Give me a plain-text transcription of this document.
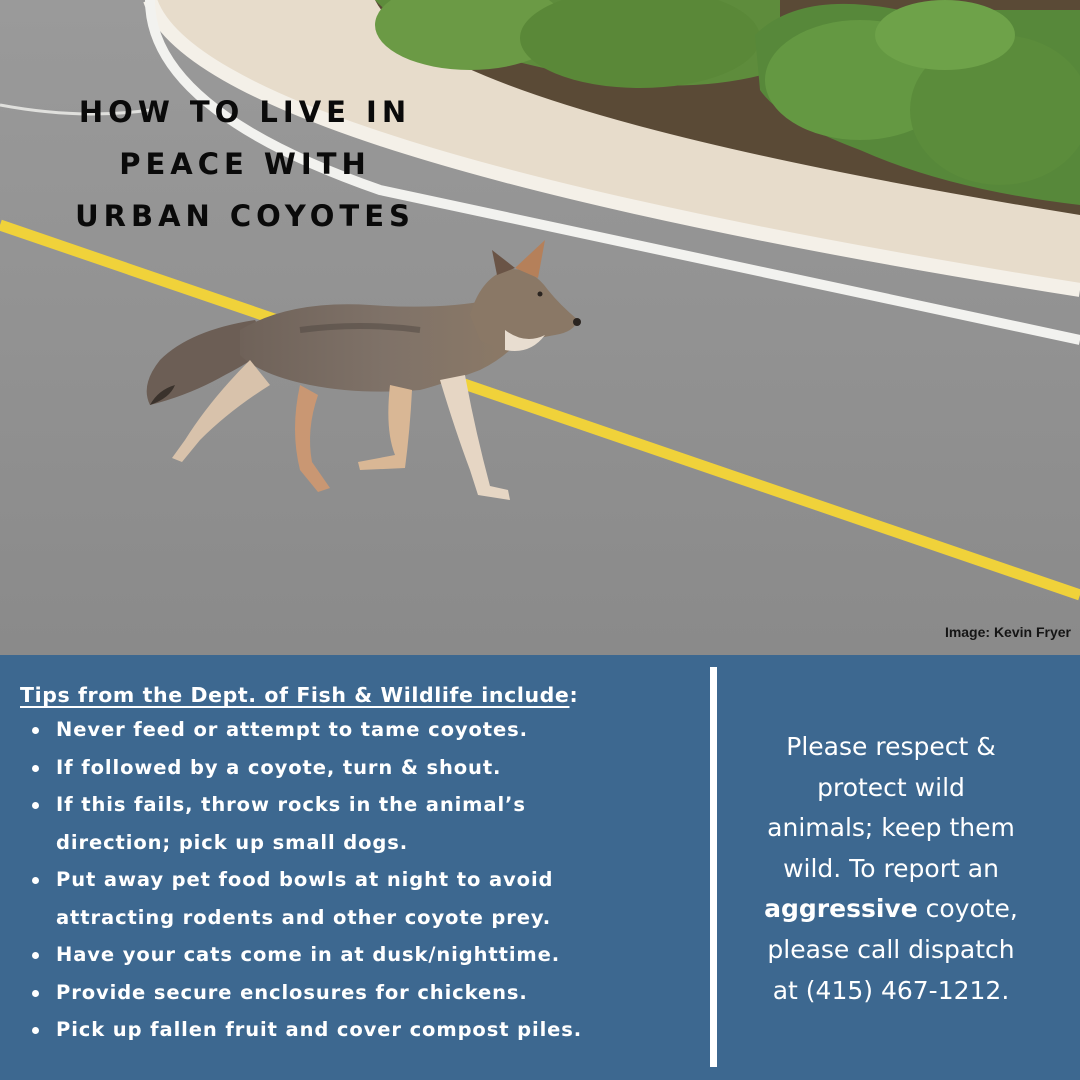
HOW TO LIVE IN
PEACE WITH
URBAN COYOTES
Image: Kevin Fryer

Tips from the Dept. of Fish & Wildlife include:

Never feed or attempt to tame coyotes.
If followed by a coyote, turn & shout.
If this fails, throw rocks in the animal’s
direction; pick up small dogs.
Put away pet food bowls at night to avoid
attracting rodents and other coyote prey.
Have your cats come in at dusk/nighttime.
Provide secure enclosures for chickens.
Pick up fallen fruit and cover compost piles.

Please respect &
protect wild
animals; keep them
wild. To report an
aggressive coyote,
please call dispatch
at (415) 467-1212.
